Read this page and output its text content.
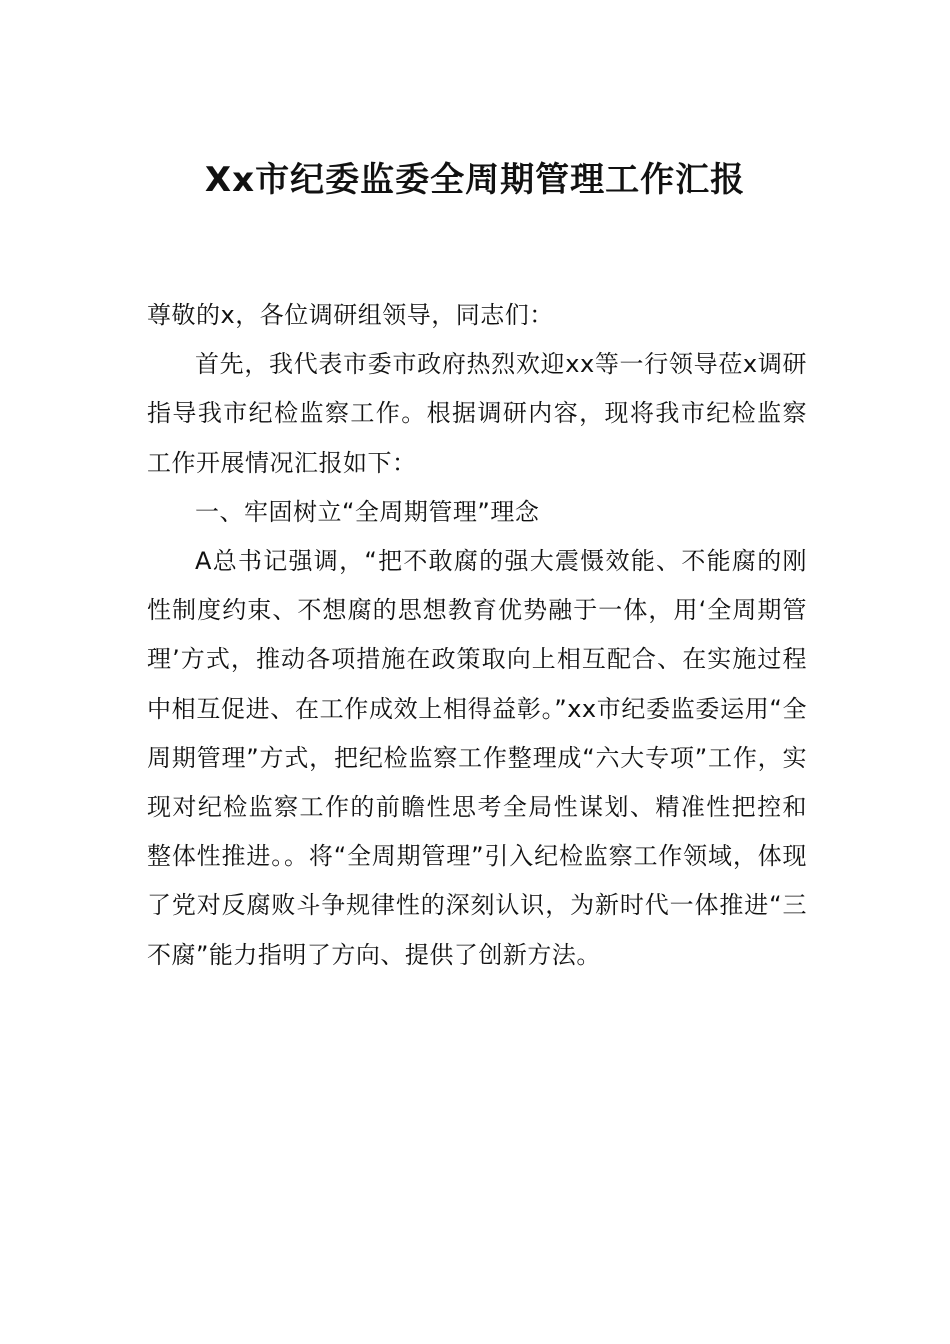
Xx市纪委监委全周期管理工作汇报

尊敬的x，各位调研组领导，同志们：

首先，我代表市委市政府热烈欢迎xx等一行领导莅x调研指导我市纪检监察工作。根据调研内容，现将我市纪检监察工作开展情况汇报如下：

一、牢固树立“全周期管理”理念

A总书记强调，“把不敢腐的强大震慑效能、不能腐的刚性制度约束、不想腐的思想教育优势融于一体，用‘全周期管理’方式，推动各项措施在政策取向上相互配合、在实施过程中相互促进、在工作成效上相得益彰。”xx市纪委监委运用“全周期管理”方式，把纪检监察工作整理成“六大专项”工作，实现对纪检监察工作的前瞻性思考全局性谋划、精准性把控和整体性推进。。将“全周期管理”引入纪检监察工作领域，体现了党对反腐败斗争规律性的深刻认识，为新时代一体推进“三不腐”能力指明了方向、提供了创新方法。
